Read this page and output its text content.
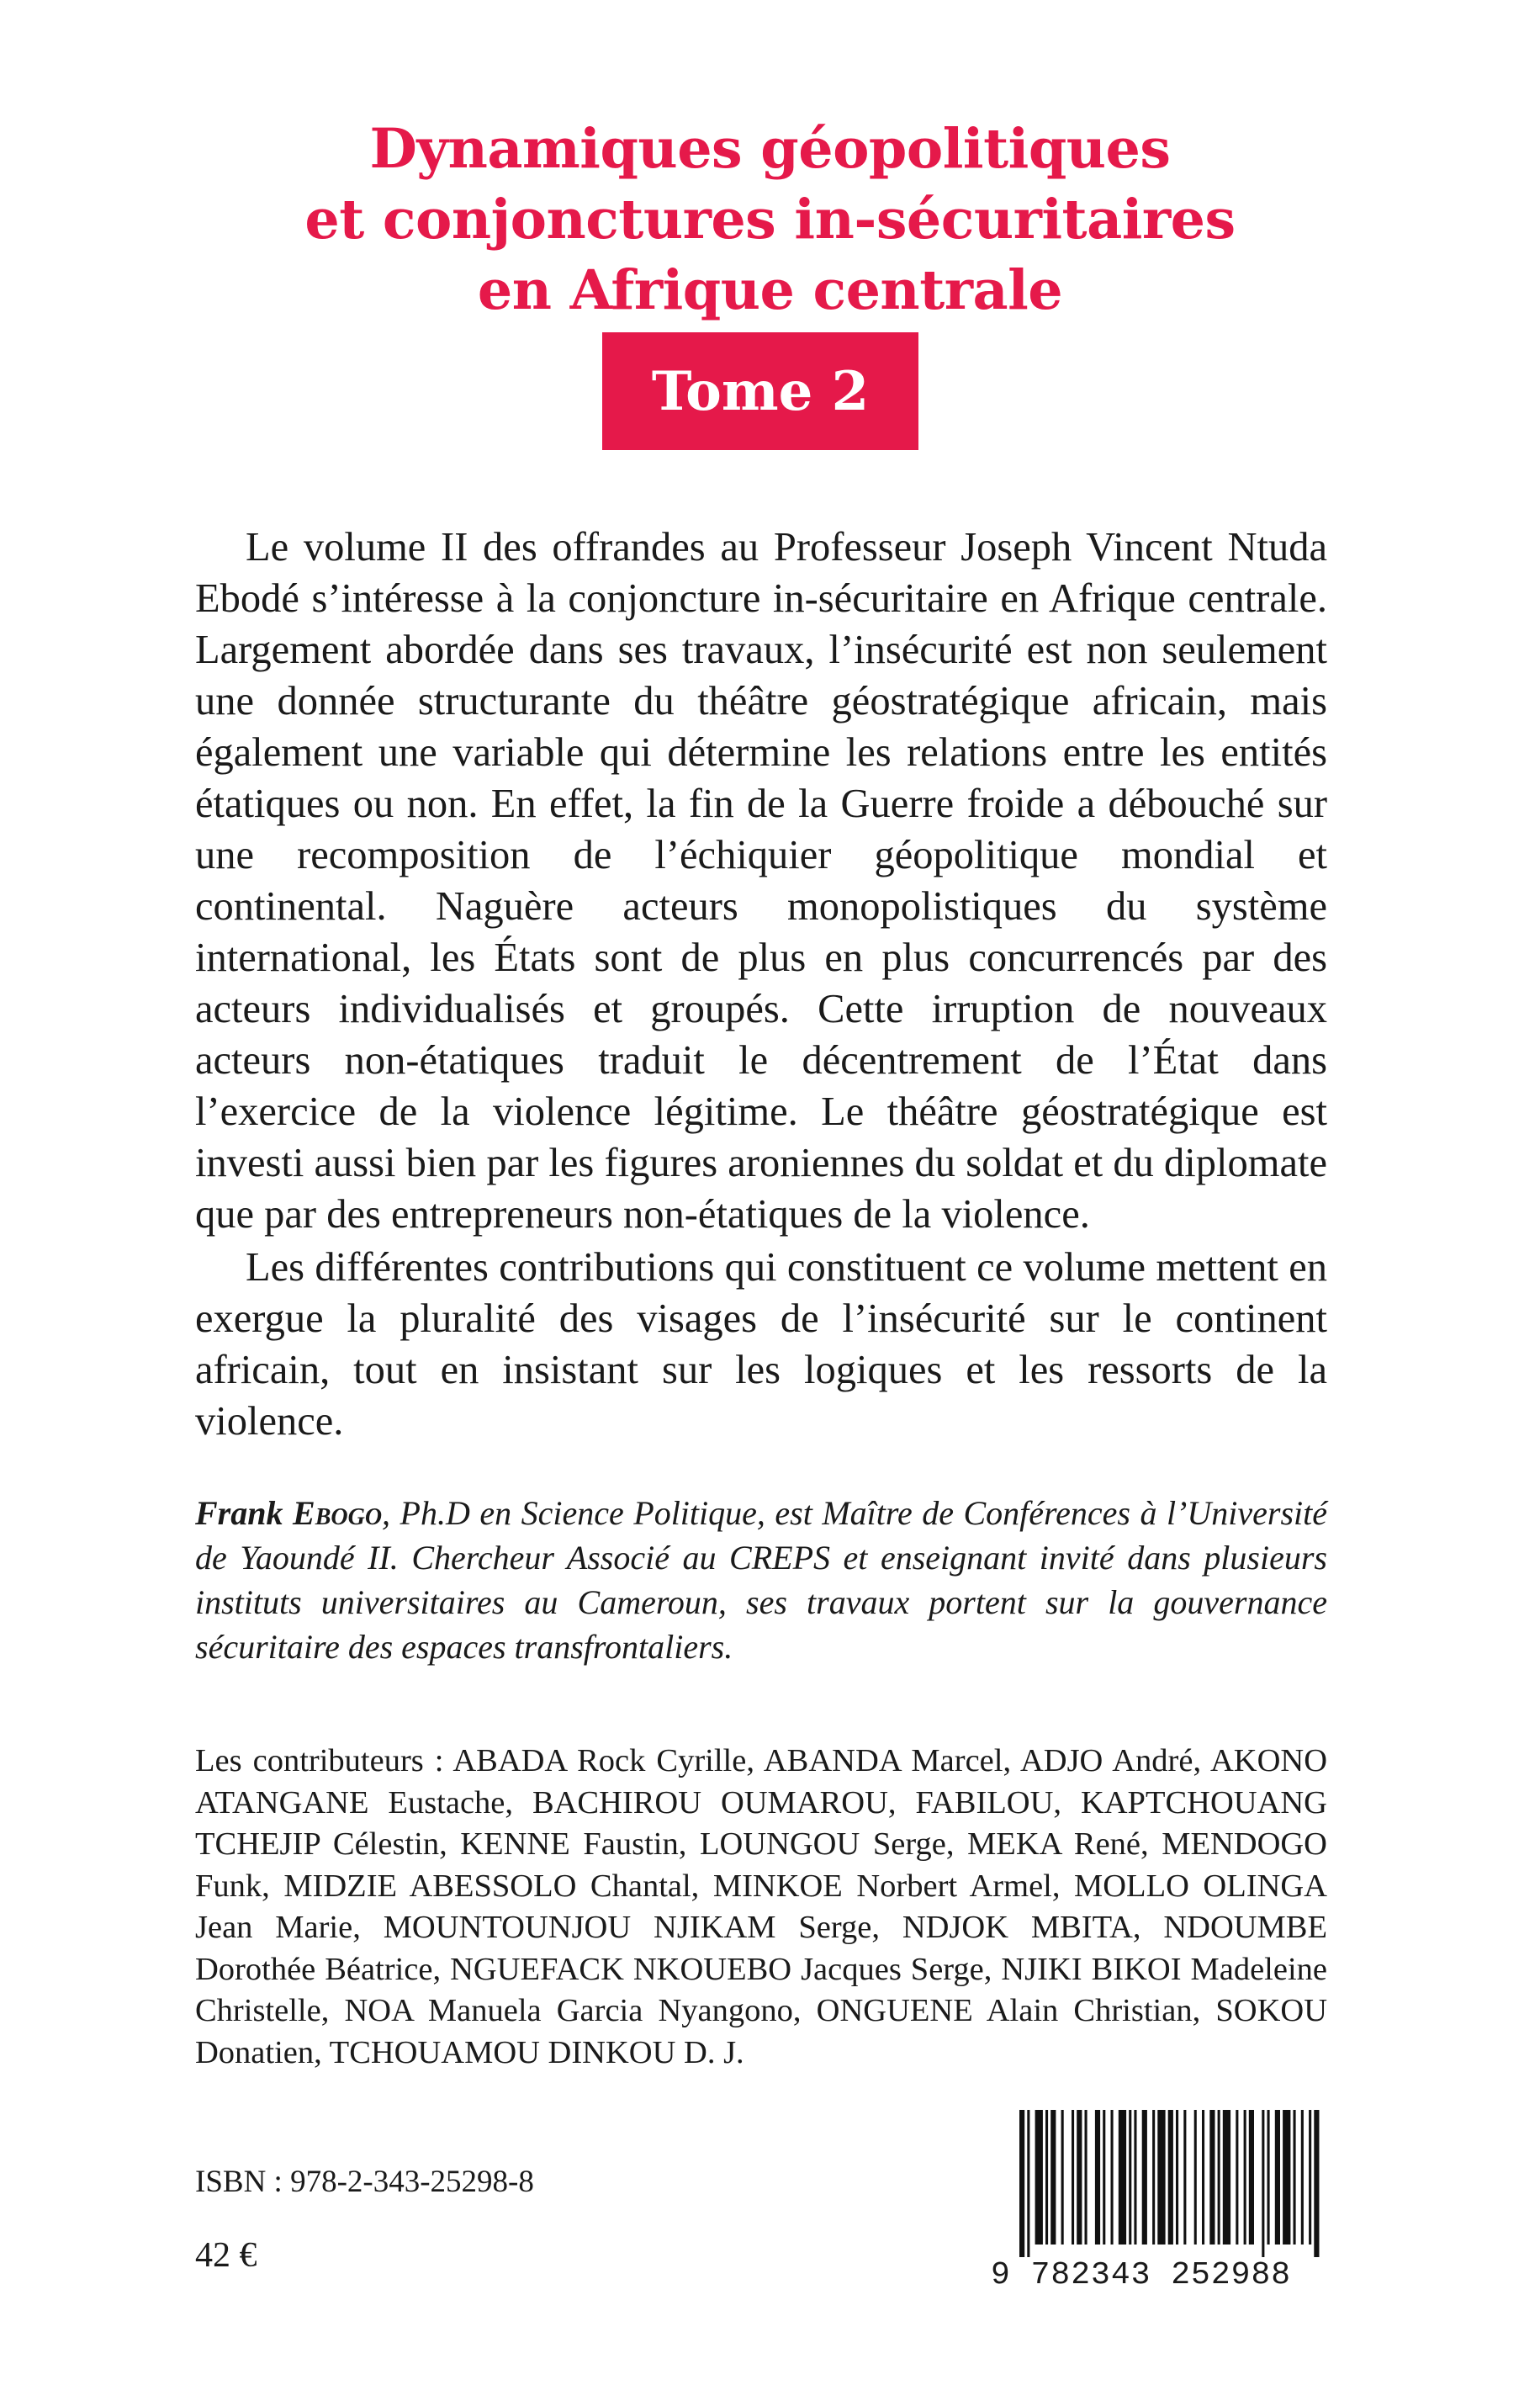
Dynamiques géopolitiques
et conjonctures in-sécuritaires
en Afrique centrale
Tome 2

Le volume II des offrandes au Professeur Joseph Vincent Ntuda Ebodé s’intéresse à la conjoncture in-sécuritaire en Afrique centrale. Largement abordée dans ses travaux, l’insécurité est non seulement une donnée structurante du théâtre géostratégique africain, mais également une variable qui détermine les relations entre les entités étatiques ou non. En effet, la fin de la Guerre froide a débouché sur une recomposition de l’échiquier géopolitique mondial et continental. Naguère acteurs monopolistiques du système international, les États sont de plus en plus concurrencés par des acteurs individualisés et groupés. Cette irruption de nouveaux acteurs non-étatiques traduit le décentrement de l’État dans l’exercice de la violence légitime. Le théâtre géostratégique est investi aussi bien par les figures aroniennes du soldat et du diplomate que par des entrepreneurs non-étatiques de la violence.

Les différentes contributions qui constituent ce volume mettent en exergue la pluralité des visages de l’insécurité sur le continent africain, tout en insistant sur les logiques et les ressorts de la violence.

Frank Ebogo, Ph.D en Science Politique, est Maître de Conférences à l’Université de Yaoundé II. Chercheur Associé au CREPS et enseignant invité dans plusieurs instituts universitaires au Cameroun, ses travaux portent sur la gouvernance sécuritaire des espaces transfrontaliers.

Les contributeurs : ABADA Rock Cyrille, ABANDA Marcel, ADJO André, AKONO ATANGANE Eustache, BACHIROU OUMAROU, FABILOU, KAPTCHOUANG TCHEJIP Célestin, KENNE Faustin, LOUNGOU Serge, MEKA René, MENDOGO Funk, MIDZIE ABESSOLO Chantal, MINKOE Norbert Armel, MOLLO OLINGA Jean Marie, MOUNTOUNJOU NJIKAM Serge, NDJOK MBITA, NDOUMBE Dorothée Béatrice, NGUEFACK NKOUEBO Jacques Serge, NJIKI BIKOI Madeleine Christelle, NOA Manuela Garcia Nyangono, ONGUENE Alain Christian, SOKOU Donatien, TCHOUAMOU DINKOU D. J.

ISBN : 978-2-343-25298-8
42 €
9 782343 252988
